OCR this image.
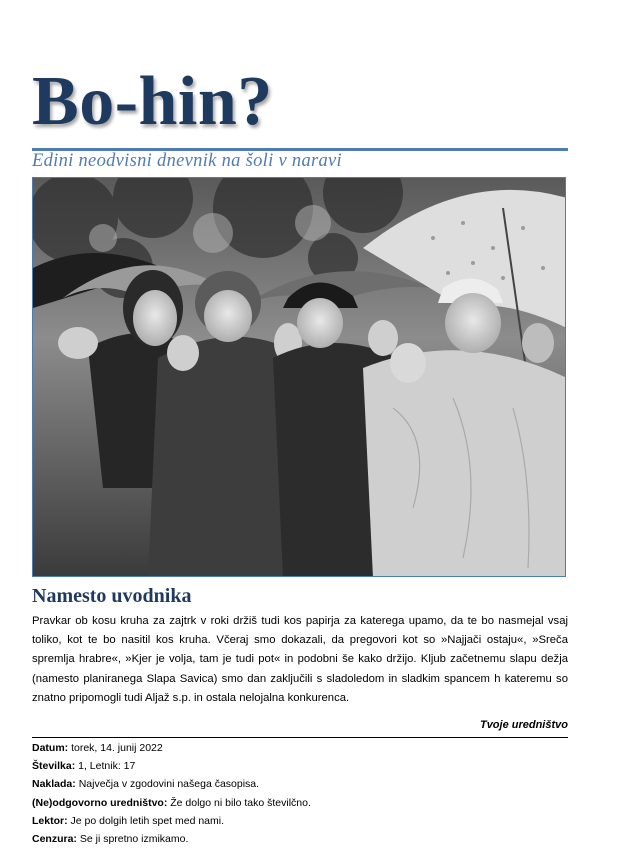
Bo-hin?
Edini neodvisni dnevnik na šoli v naravi
Namesto uvodnika
Pravkar ob kosu kruha za zajtrk v roki držiš tudi kos papirja za katerega upamo, da te bo nasmejal vsaj toliko, kot te bo nasitil kos kruha. Včeraj smo dokazali, da pregovori kot so »Najjači ostaju«, »Sreča spremlja hrabre«, »Kjer je volja, tam je tudi pot« in podobni še kako držijo. Kljub začetnemu slapu dežja (namesto planiranega Slapa Savica) smo dan zaključili s sladoledom in sladkim spancem h kateremu so znatno pripomogli tudi Aljaž s.p. in ostala nelojalna konkurenca.
Tvoje uredništvo
Datum: torek, 14. junij 2022
Številka: 1, Letnik: 17
Naklada: Največja v zgodovini našega časopisa.
(Ne)odgovorno uredništvo: Že dolgo ni bilo tako številčno.
Lektor: Je po dolgih letih spet med nami.
Cenzura: Se ji spretno izmikamo.
